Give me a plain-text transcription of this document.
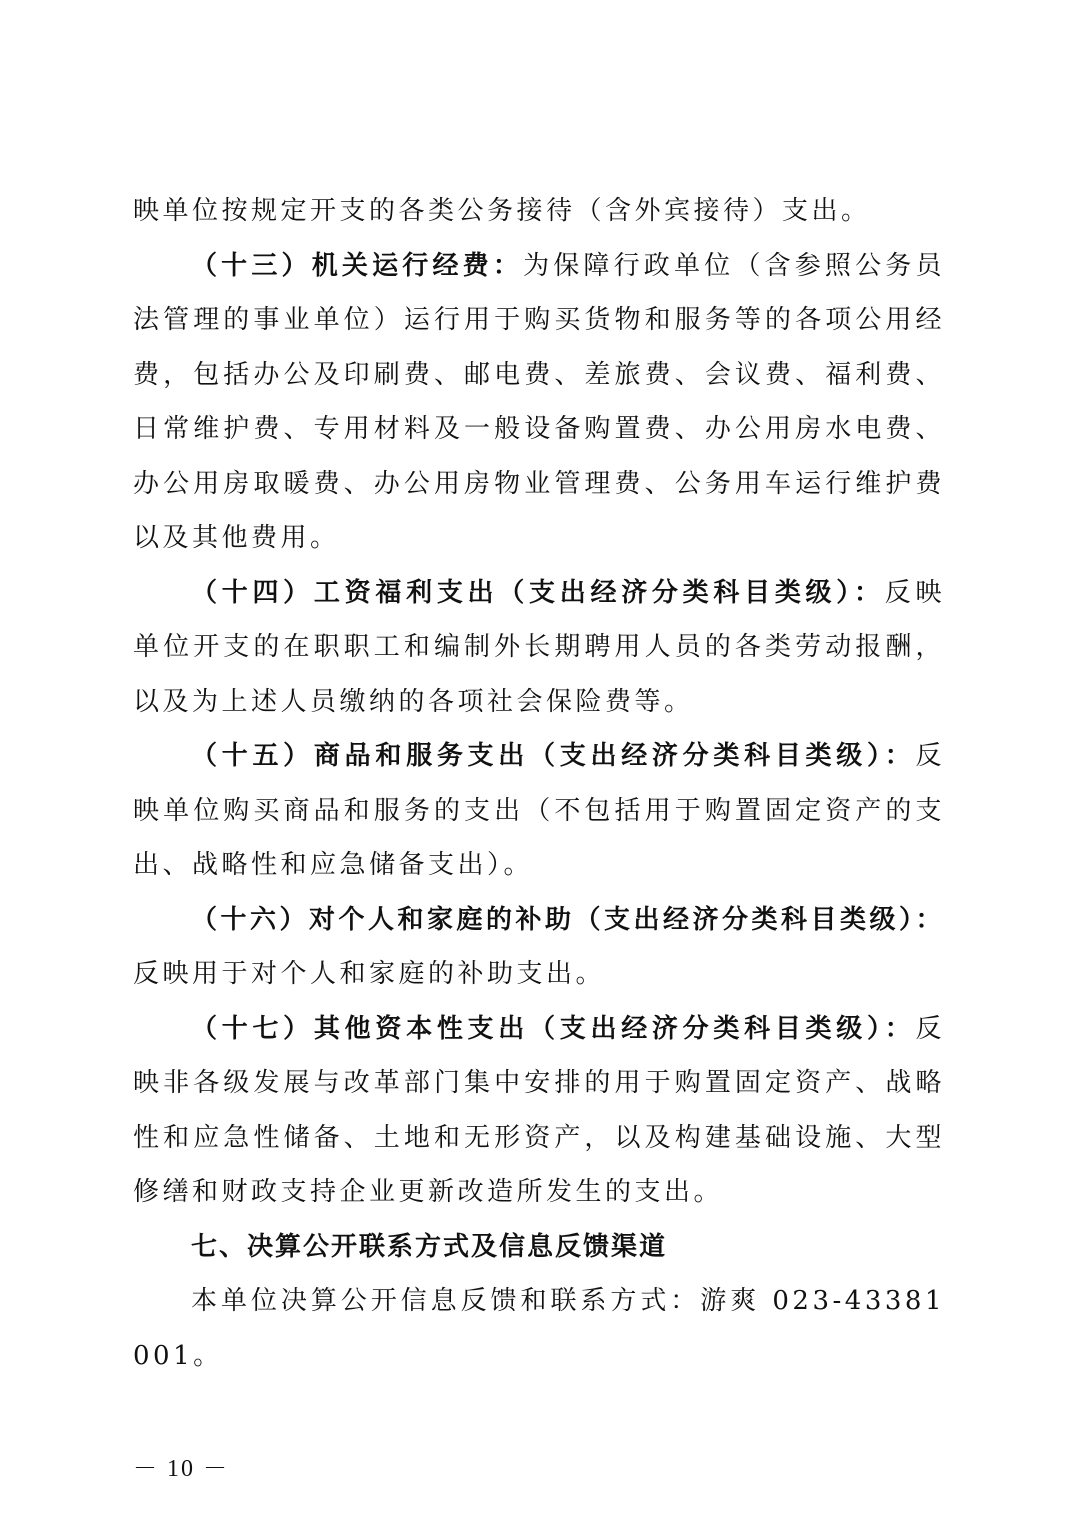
映单位按规定开支的各类公务接待（含外宾接待）支出。

（十三）机关运行经费：为保障行政单位（含参照公务员法管理的事业单位）运行用于购买货物和服务等的各项公用经费，包括办公及印刷费、邮电费、差旅费、会议费、福利费、日常维护费、专用材料及一般设备购置费、办公用房水电费、办公用房取暖费、办公用房物业管理费、公务用车运行维护费以及其他费用。

（十四）工资福利支出（支出经济分类科目类级）：反映单位开支的在职职工和编制外长期聘用人员的各类劳动报酬，以及为上述人员缴纳的各项社会保险费等。

（十五）商品和服务支出（支出经济分类科目类级）：反映单位购买商品和服务的支出（不包括用于购置固定资产的支出、战略性和应急储备支出）。

（十六）对个人和家庭的补助（支出经济分类科目类级）：反映用于对个人和家庭的补助支出。

（十七）其他资本性支出（支出经济分类科目类级）：反映非各级发展与改革部门集中安排的用于购置固定资产、战略性和应急性储备、土地和无形资产，以及构建基础设施、大型修缮和财政支持企业更新改造所发生的支出。

七、决算公开联系方式及信息反馈渠道

本单位决算公开信息反馈和联系方式：游爽 023-43381001。

－ 10 －
